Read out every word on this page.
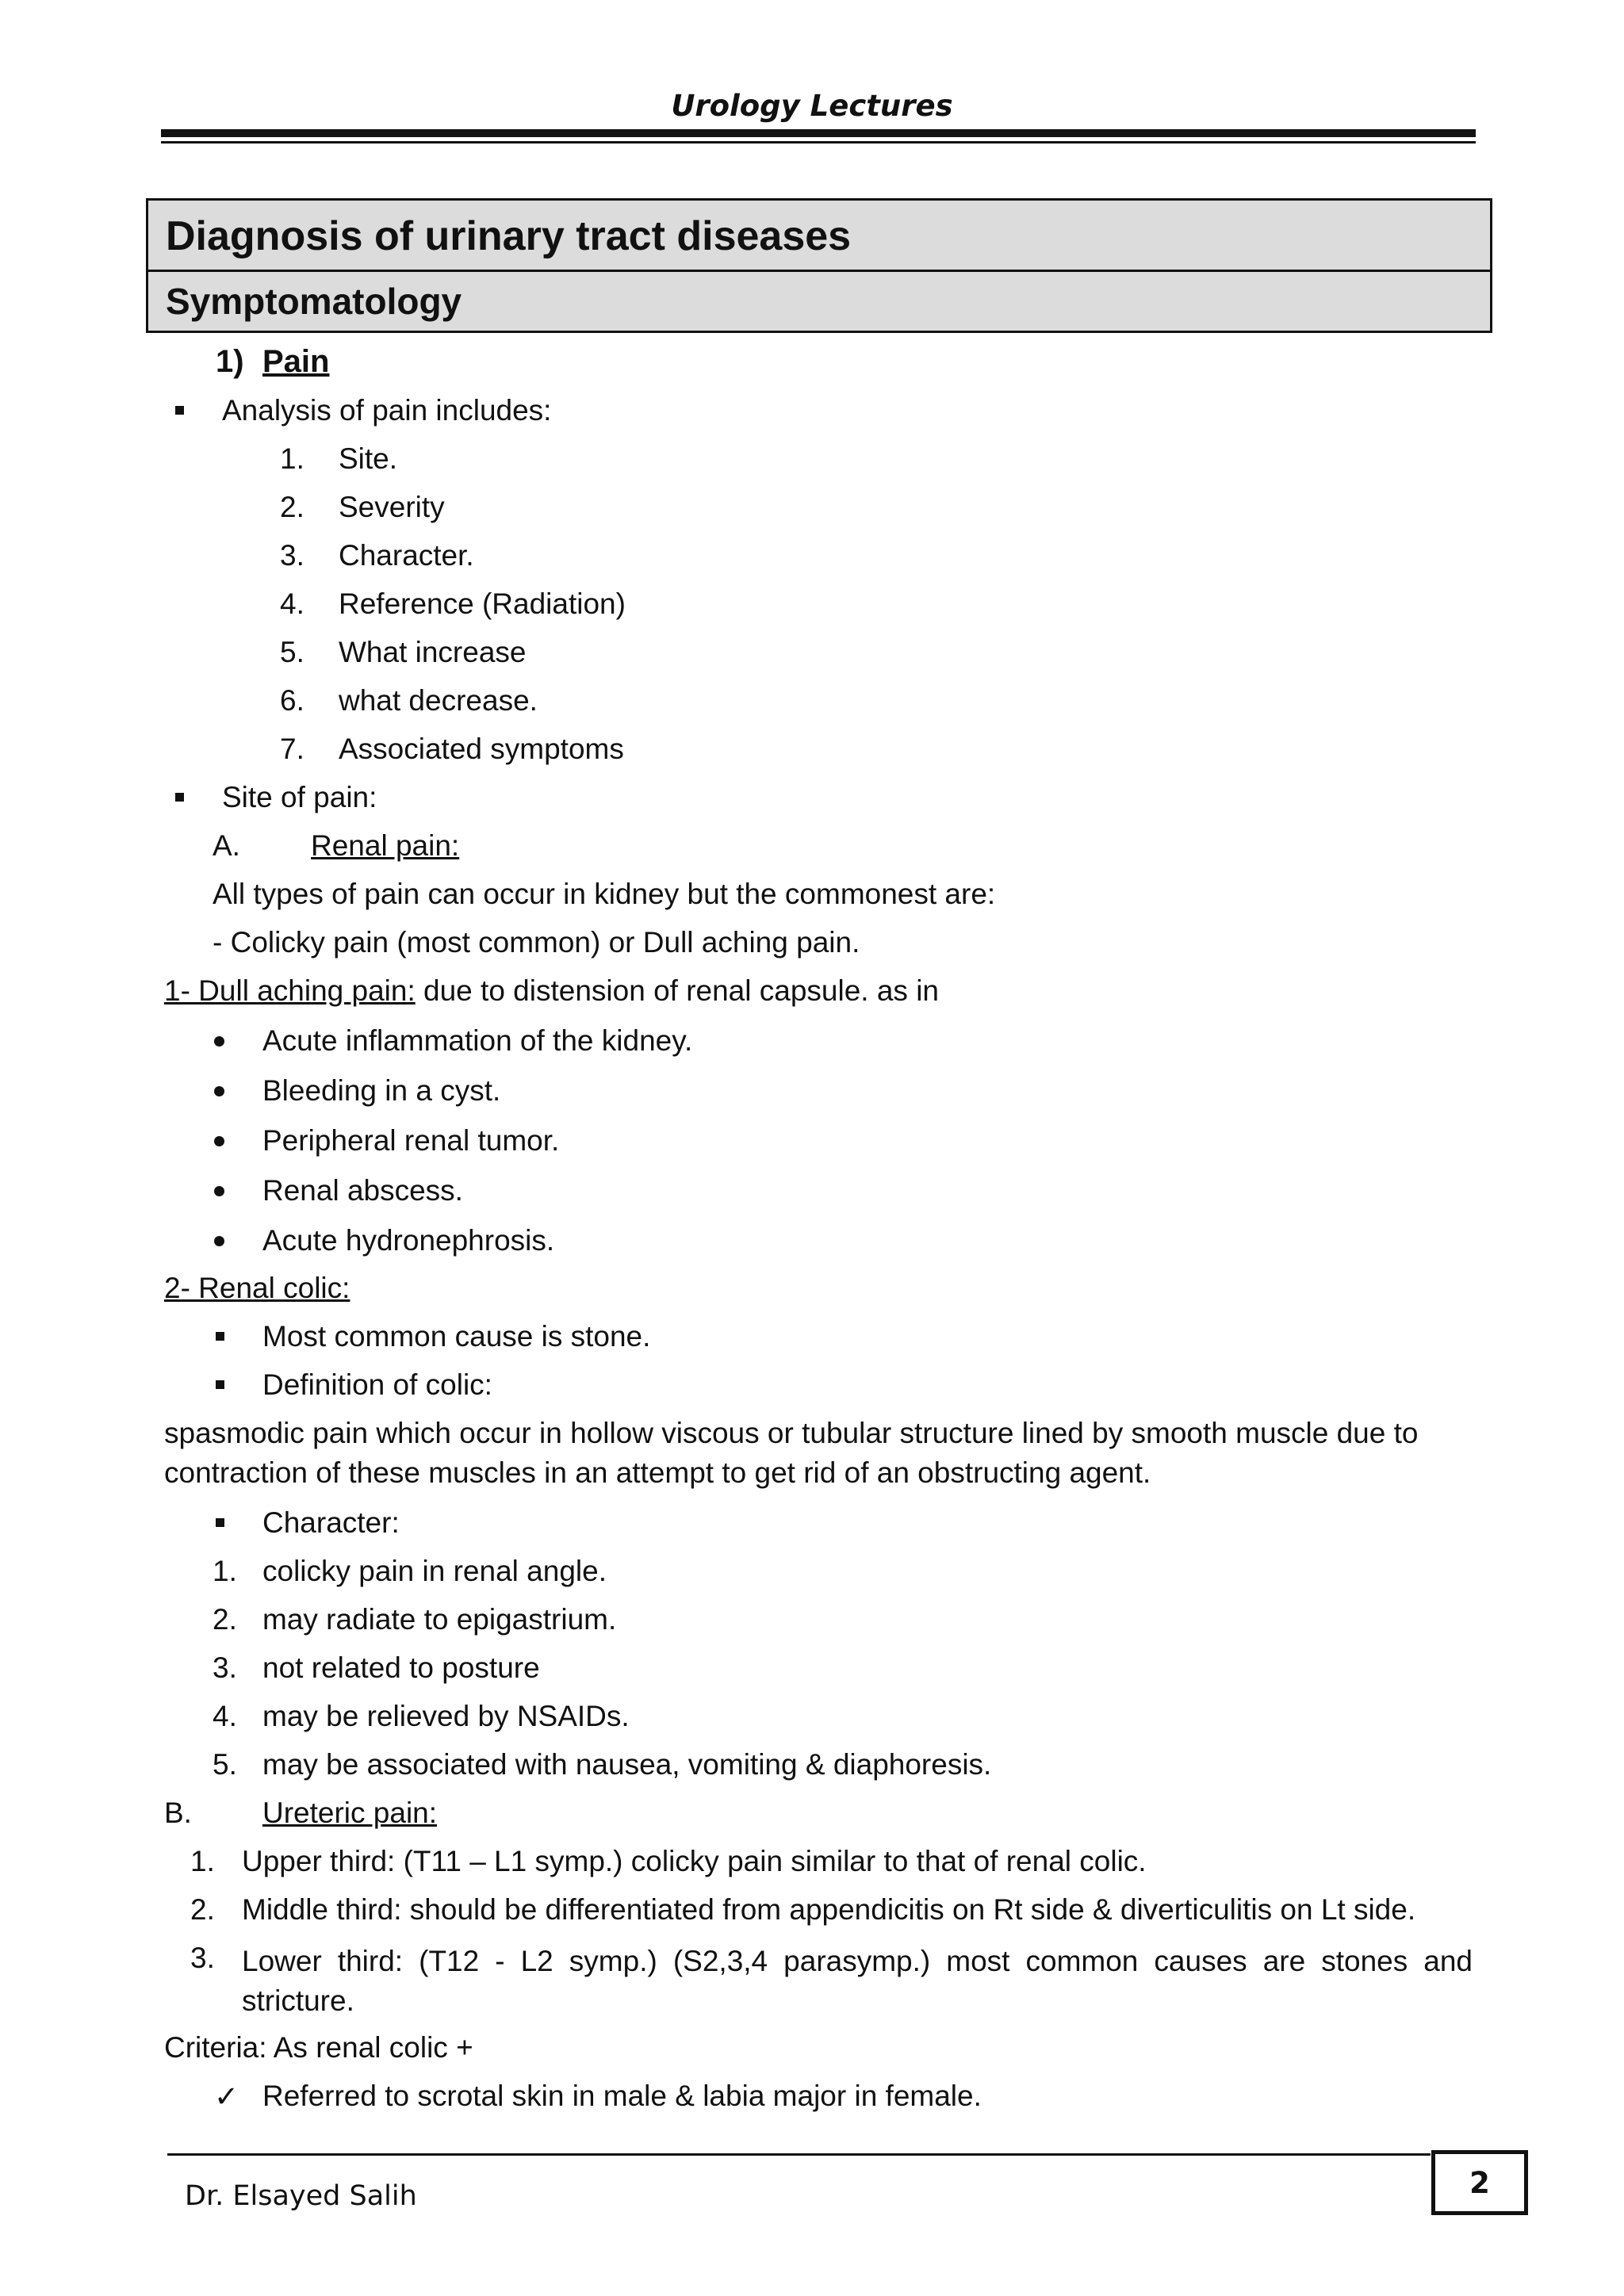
Urology Lectures
Diagnosis of urinary tract diseases
Symptomatology
1) Pain
Analysis of pain includes:
1. Site.
2. Severity
3. Character.
4. Reference (Radiation)
5. What increase
6. what decrease.
7. Associated symptoms
Site of pain:
A. Renal pain:
All types of pain can occur in kidney but the commonest are:
- Colicky pain (most common) or Dull aching pain.
1- Dull aching pain: due to distension of renal capsule. as in
Acute inflammation of the kidney.
Bleeding in a cyst.
Peripheral renal tumor.
Renal abscess.
Acute hydronephrosis.
2- Renal colic:
Most common cause is stone.
Definition of colic:
spasmodic pain which occur in hollow viscous or tubular structure lined by smooth muscle due to contraction of these muscles in an attempt to get rid of an obstructing agent.
Character:
1. colicky pain in renal angle.
2. may radiate to epigastrium.
3. not related to posture
4. may be relieved by NSAIDs.
5. may be associated with nausea, vomiting & diaphoresis.
B. Ureteric pain:
1. Upper third: (T11 – L1 symp.) colicky pain similar to that of renal colic.
2. Middle third: should be differentiated from appendicitis on Rt side & diverticulitis on Lt side.
3. Lower third: (T12 - L2 symp.) (S2,3,4 parasymp.) most common causes are stones and stricture.
Criteria: As renal colic +
✓ Referred to scrotal skin in male & labia major in female.
2
Dr. Elsayed Salih
